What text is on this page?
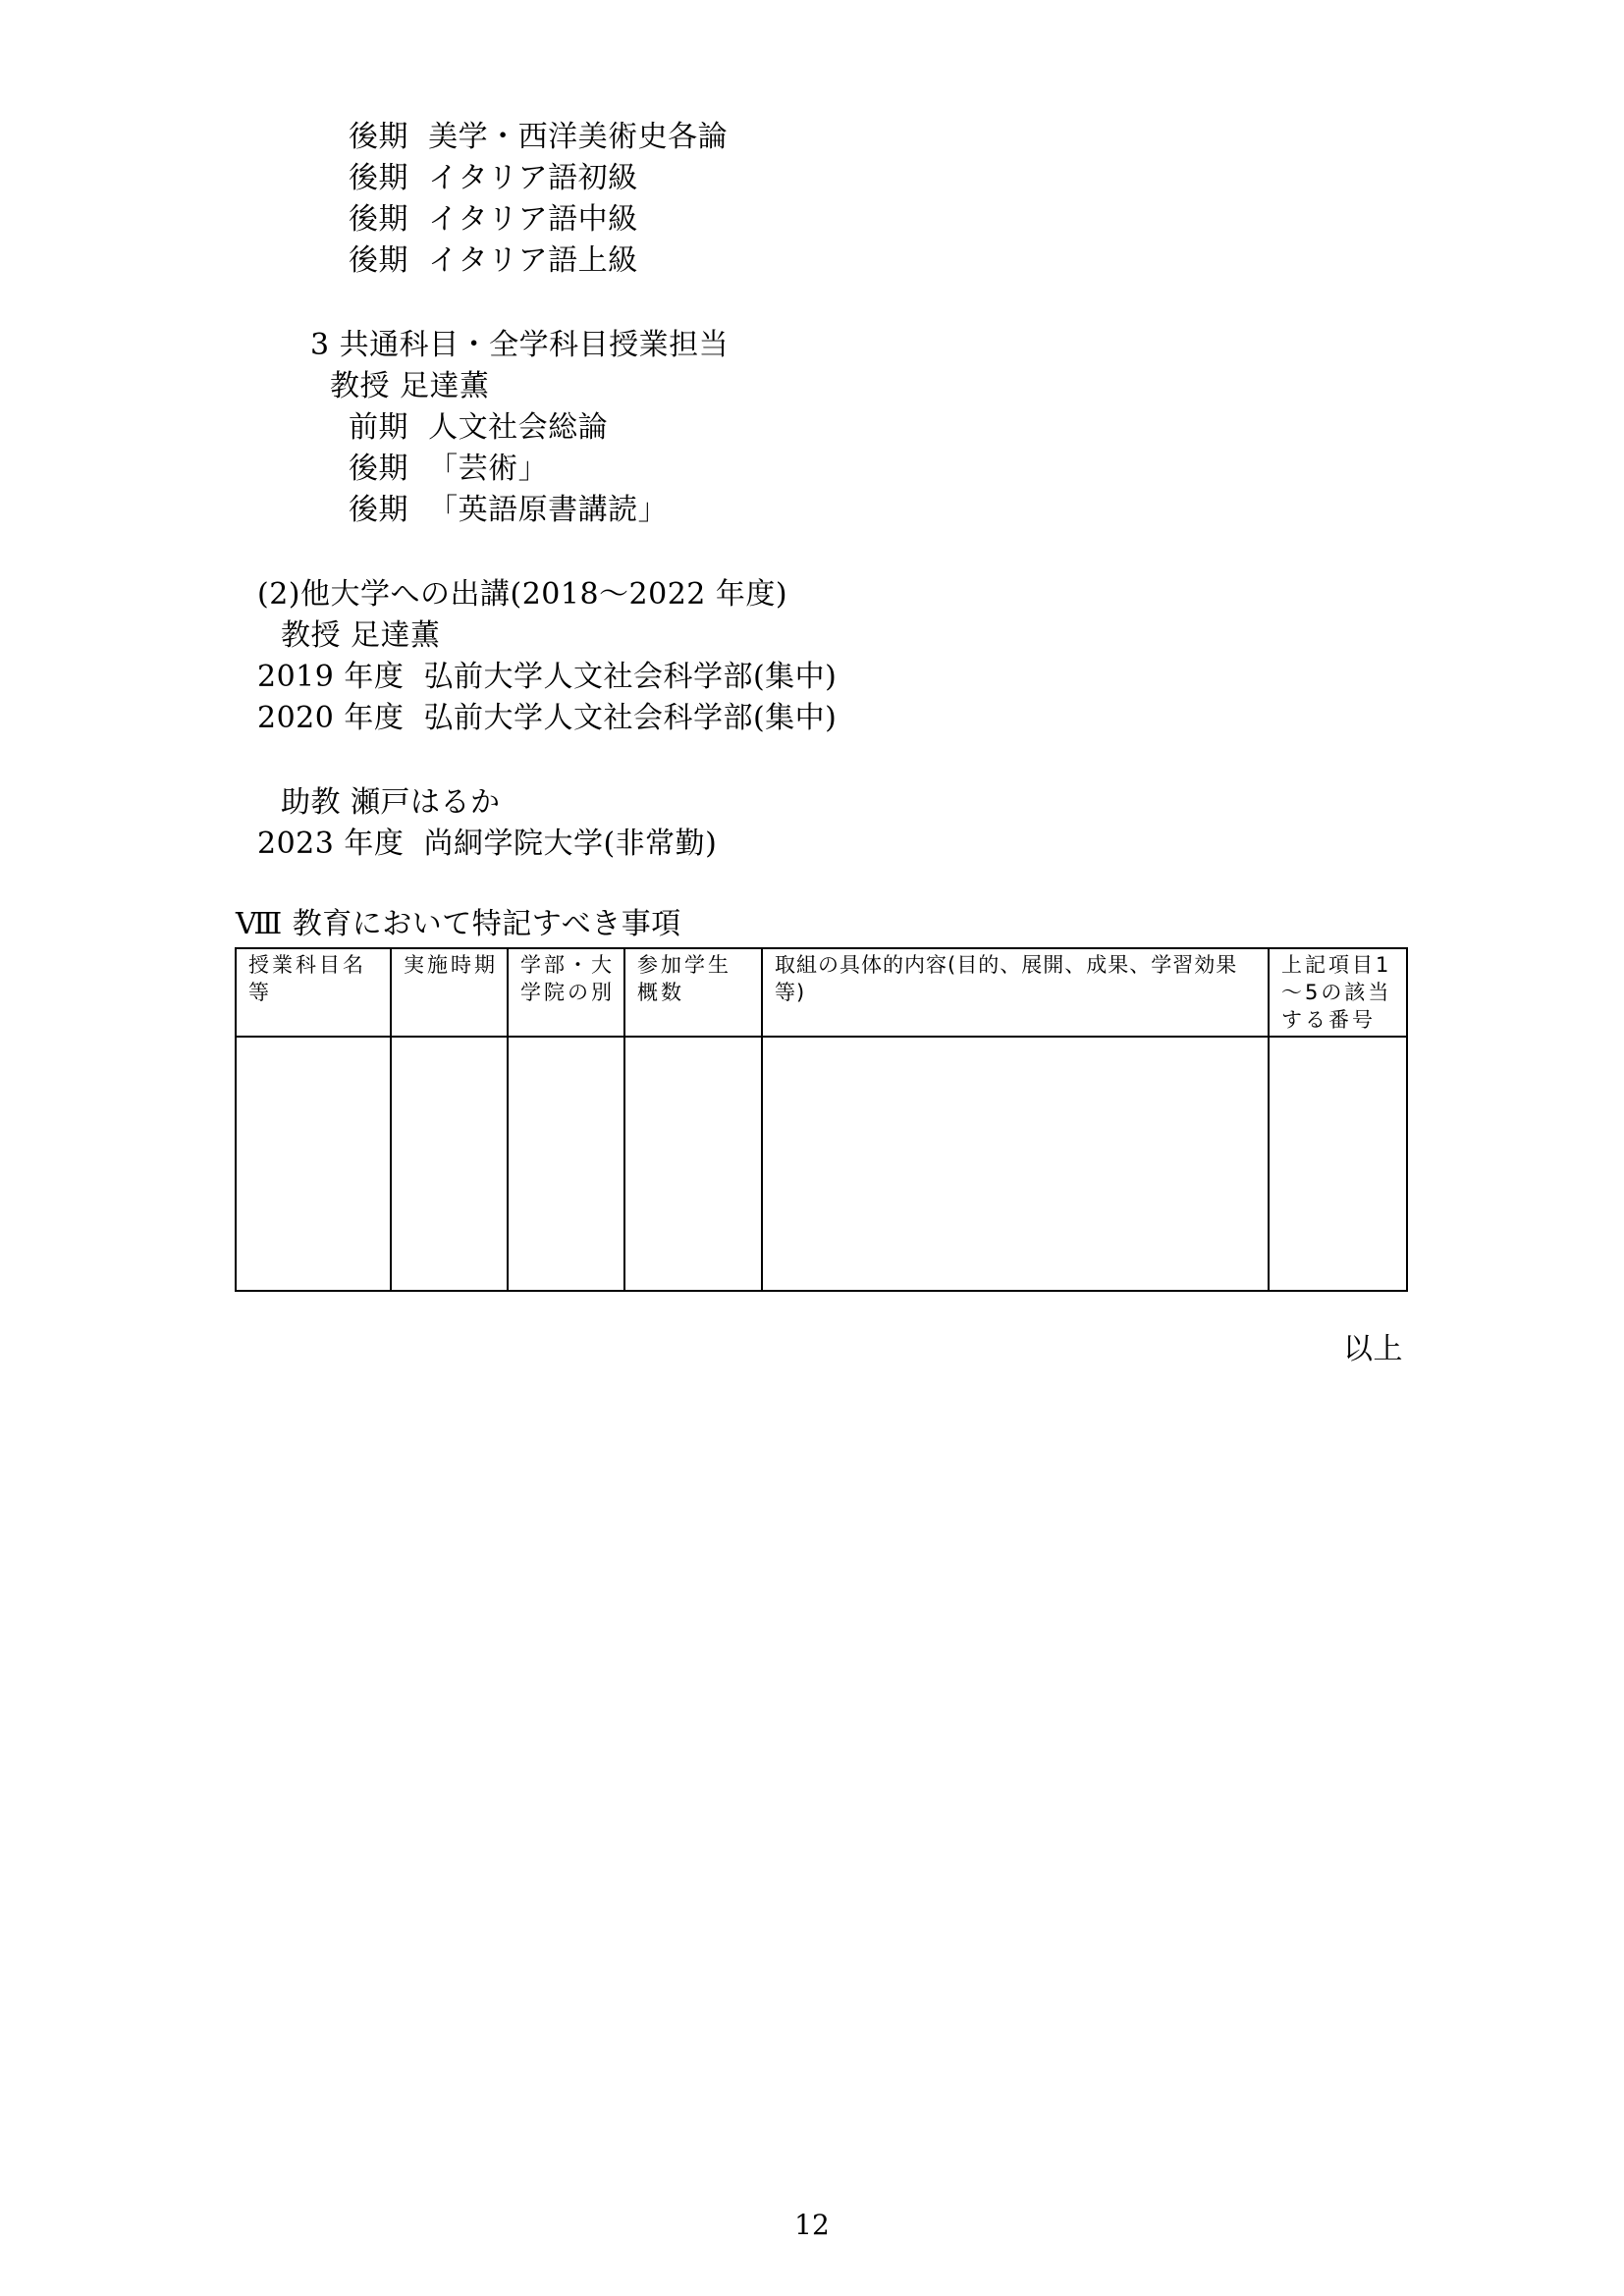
後期 美学・西洋美術史各論
後期 イタリア語初級
後期 イタリア語中級
後期 イタリア語上級
3 共通科目・全学科目授業担当
教授 足達薫
前期 人文社会総論
後期 「芸術」
後期 「英語原書講読」
(2)他大学への出講(2018～2022 年度)
教授 足達薫
2019 年度 弘前大学人文社会科学部(集中)
2020 年度 弘前大学人文社会科学部(集中)
助教 瀬戸はるか
2023 年度 尚絅学院大学(非常勤)
Ⅷ 教育において特記すべき事項
授業科目名等	実施時期	学部・大学院の別	参加学生概数	取組の具体的内容(目的、展開、成果、学習効果等)	上記項目1～5の該当する番号

以上
12
